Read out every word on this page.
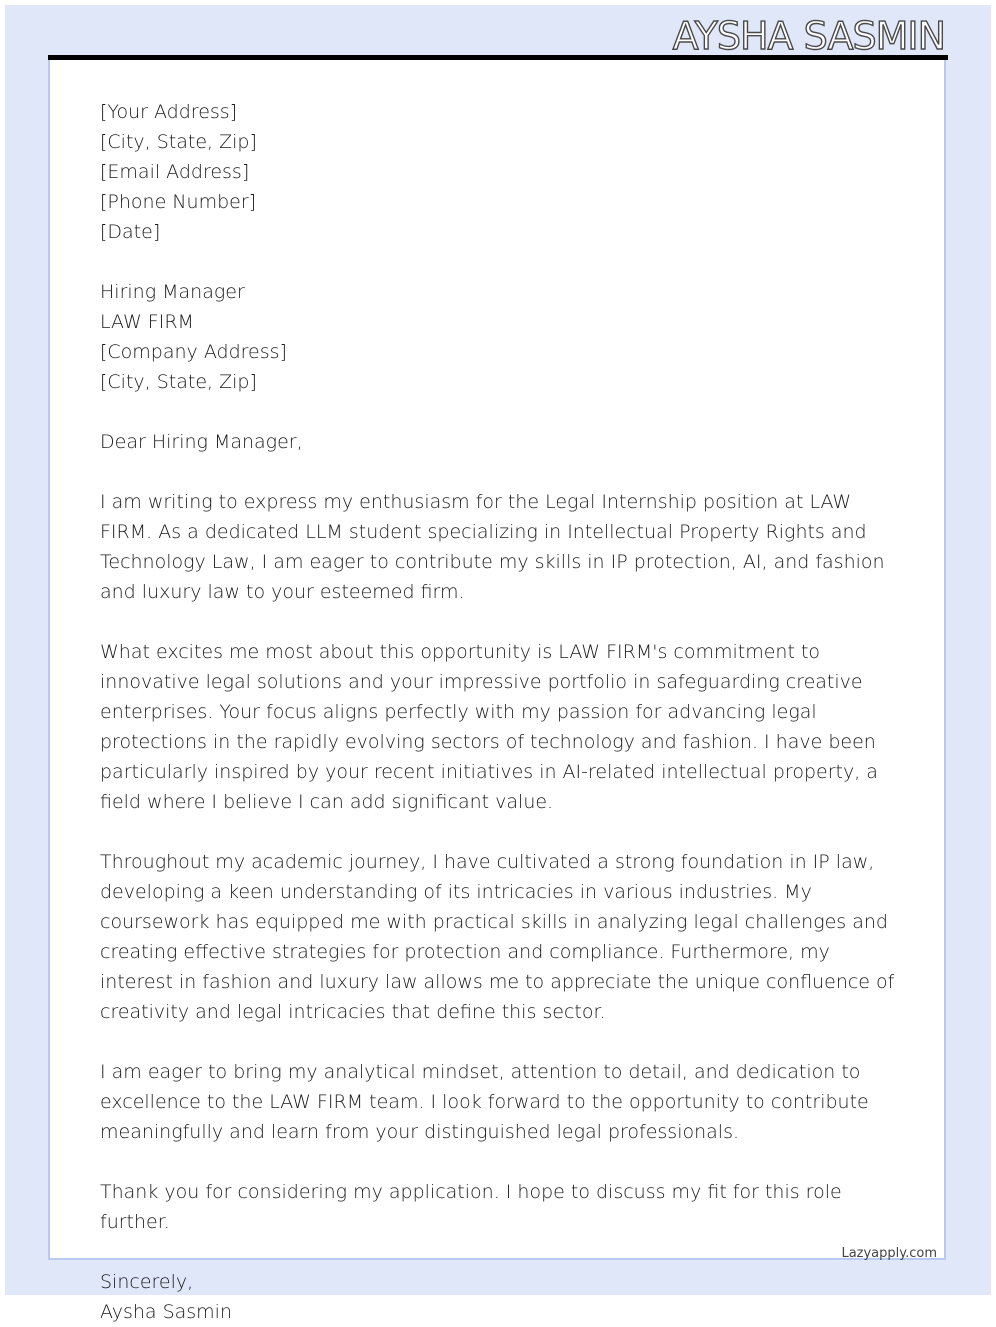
AYSHA SASMIN
[Your Address]
[City, State, Zip]
[Email Address]
[Phone Number]
[Date]
Hiring Manager
LAW FIRM
[Company Address]
[City, State, Zip]
Dear Hiring Manager,

I am writing to express my enthusiasm for the Legal Internship position at LAW FIRM. As a dedicated LLM student specializing in Intellectual Property Rights and Technology Law, I am eager to contribute my skills in IP protection, AI, and fashion and luxury law to your esteemed firm.

What excites me most about this opportunity is LAW FIRM's commitment to innovative legal solutions and your impressive portfolio in safeguarding creative enterprises. Your focus aligns perfectly with my passion for advancing legal protections in the rapidly evolving sectors of technology and fashion. I have been particularly inspired by your recent initiatives in AI-related intellectual property, a field where I believe I can add significant value.

Throughout my academic journey, I have cultivated a strong foundation in IP law, developing a keen understanding of its intricacies in various industries. My coursework has equipped me with practical skills in analyzing legal challenges and creating effective strategies for protection and compliance. Furthermore, my interest in fashion and luxury law allows me to appreciate the unique confluence of creativity and legal intricacies that define this sector.

I am eager to bring my analytical mindset, attention to detail, and dedication to excellence to the LAW FIRM team. I look forward to the opportunity to contribute meaningfully and learn from your distinguished legal professionals.

Thank you for considering my application. I hope to discuss my fit for this role further.

Sincerely,
Aysha Sasmin
Lazyapply.com
